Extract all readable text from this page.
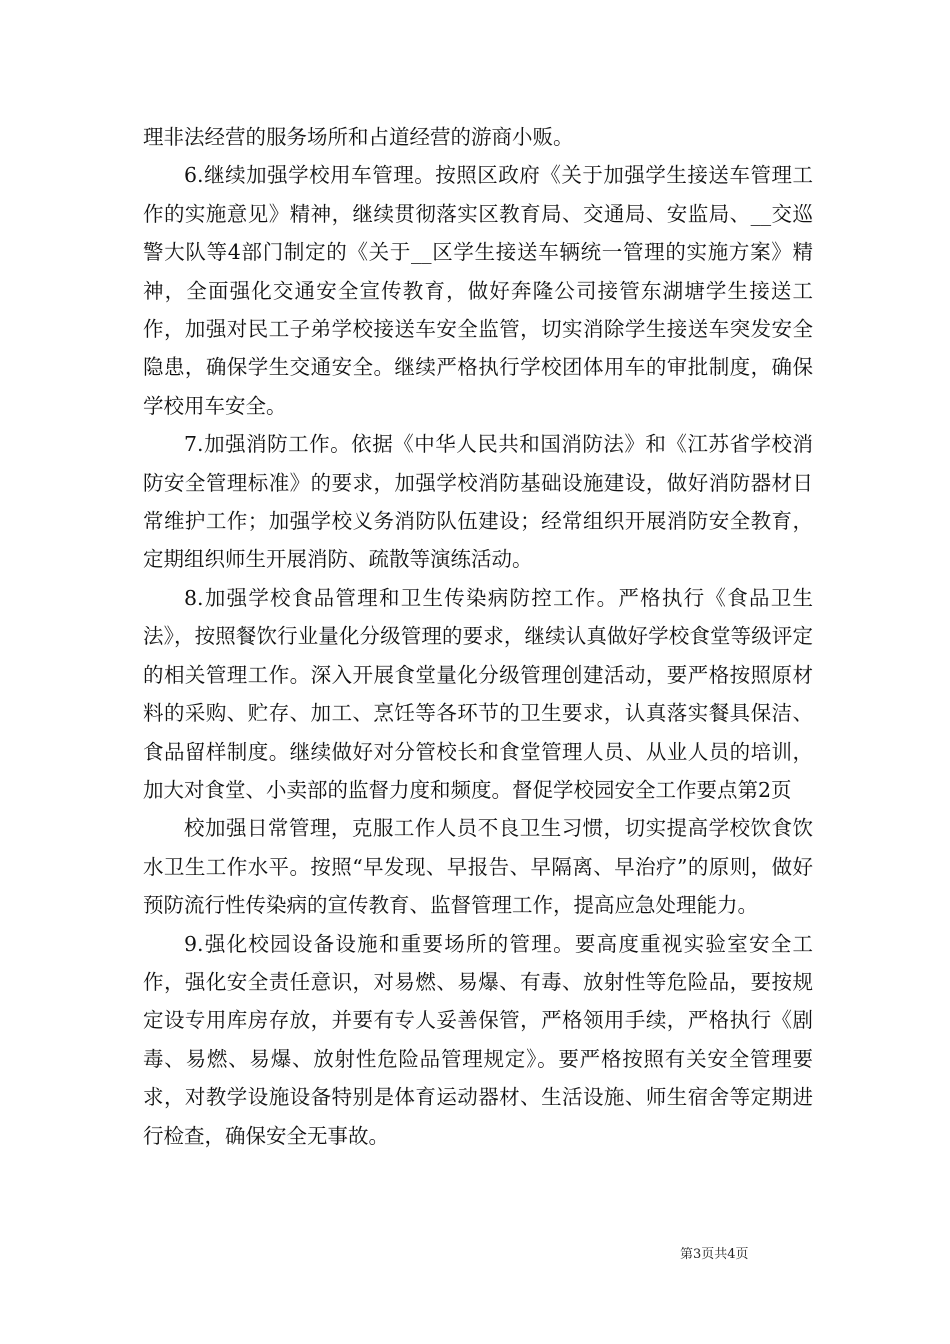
理非法经营的服务场所和占道经营的游商小贩。

6.继续加强学校用车管理。按照区政府《关于加强学生接送车管理工作的实施意见》精神，继续贯彻落实区教育局、交通局、安监局、__交巡警大队等4部门制定的《关于__区学生接送车辆统一管理的实施方案》精神，全面强化交通安全宣传教育，做好奔隆公司接管东湖塘学生接送工作，加强对民工子弟学校接送车安全监管，切实消除学生接送车突发安全隐患，确保学生交通安全。继续严格执行学校团体用车的审批制度，确保学校用车安全。

7.加强消防工作。依据《中华人民共和国消防法》和《江苏省学校消防安全管理标准》的要求，加强学校消防基础设施建设，做好消防器材日常维护工作；加强学校义务消防队伍建设；经常组织开展消防安全教育，定期组织师生开展消防、疏散等演练活动。

8.加强学校食品管理和卫生传染病防控工作。严格执行《食品卫生法》，按照餐饮行业量化分级管理的要求，继续认真做好学校食堂等级评定的相关管理工作。深入开展食堂量化分级管理创建活动，要严格按照原材料的采购、贮存、加工、烹饪等各环节的卫生要求，认真落实餐具保洁、食品留样制度。继续做好对分管校长和食堂管理人员、从业人员的培训，加大对食堂、小卖部的监督力度和频度。督促学校园安全工作要点第2页

校加强日常管理，克服工作人员不良卫生习惯，切实提高学校饮食饮水卫生工作水平。按照“早发现、早报告、早隔离、早治疗”的原则，做好预防流行性传染病的宣传教育、监督管理工作，提高应急处理能力。

9.强化校园设备设施和重要场所的管理。要高度重视实验室安全工作，强化安全责任意识，对易燃、易爆、有毒、放射性等危险品，要按规定设专用库房存放，并要有专人妥善保管，严格领用手续，严格执行《剧毒、易燃、易爆、放射性危险品管理规定》。要严格按照有关安全管理要求，对教学设施设备特别是体育运动器材、生活设施、师生宿舍等定期进行检查，确保安全无事故。

第3页共4页
